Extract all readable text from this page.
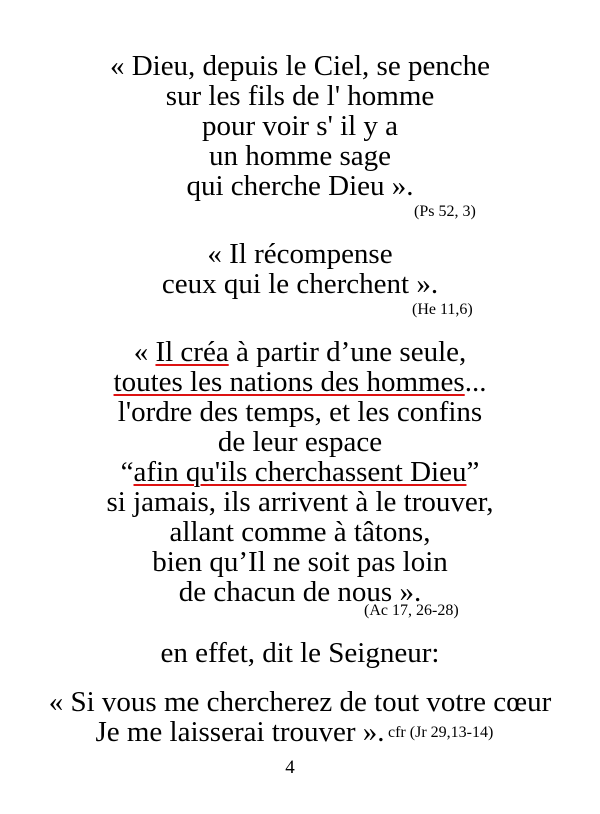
« Dieu, depuis le Ciel, se penche
sur les fils de l' homme
pour voir s' il y a
un homme sage
qui cherche Dieu ».
(Ps 52, 3)
« Il récompense
ceux qui le cherchent ».
(He 11,6)
« Il créa à partir d’une seule,
toutes les nations des hommes...
l'ordre des temps, et les confins
de leur espace
“afin qu'ils cherchassent Dieu”
si jamais, ils arrivent à le trouver,
allant comme à tâtons,
bien qu’Il ne soit pas loin
de chacun de nous ».
(Ac 17, 26-28)
en effet, dit le Seigneur:
« Si vous me chercherez de tout votre cœur
Je me laisserai trouver ». cfr (Jr 29,13-14)
4
